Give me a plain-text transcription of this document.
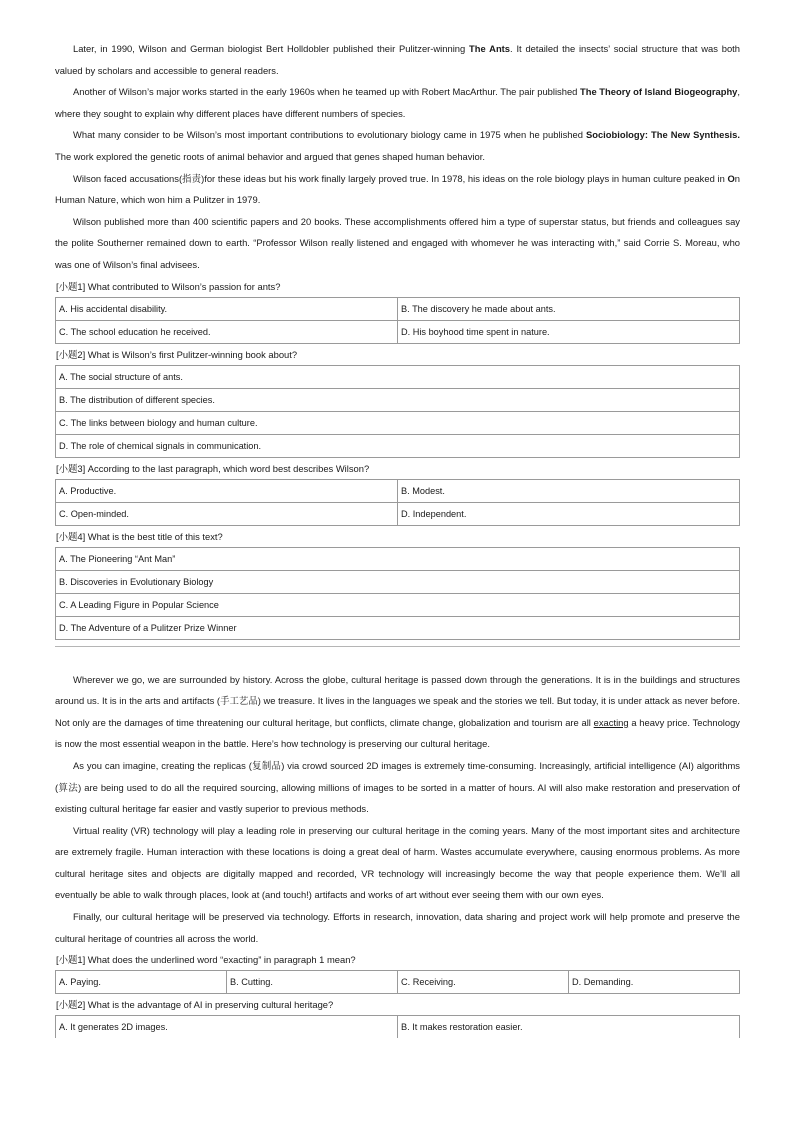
Later, in 1990, Wilson and German biologist Bert Holldobler published their Pulitzer-winning The Ants. It detailed the insects’ social structure that was both valued by scholars and accessible to general readers.

Another of Wilson’s major works started in the early 1960s when he teamed up with Robert MacArthur. The pair published The Theory of Island Biogeography, where they sought to explain why different places have different numbers of species.

What many consider to be Wilson’s most important contributions to evolutionary biology came in 1975 when he published Sociobiology: The New Synthesis. The work explored the genetic roots of animal behavior and argued that genes shaped human behavior.

Wilson faced accusations(指责)for these ideas but his work finally largely proved true. In 1978, his ideas on the role biology plays in human culture peaked in On Human Nature, which won him a Pulitzer in 1979.

Wilson published more than 400 scientific papers and 20 books. These accomplishments offered him a type of superstar status, but friends and colleagues say the polite Southerner remained down to earth. “Professor Wilson really listened and engaged with whomever he was interacting with,” said Corrie S. Moreau, who was one of Wilson’s final advisees.

[小题1] What contributed to Wilson’s passion for ants?
A. His accidental disability.	B. The discovery he made about ants.
C. The school education he received.	D. His boyhood time spent in nature.
[小题2] What is Wilson’s first Pulitzer-winning book about?
A. The social structure of ants.
B. The distribution of different species.
C. The links between biology and human culture.
D. The role of chemical signals in communication.
[小题3] According to the last paragraph, which word best describes Wilson?
A. Productive.	B. Modest.
C. Open-minded.	D. Independent.
[小题4] What is the best title of this text?
A. The Pioneering “Ant Man”
B. Discoveries in Evolutionary Biology
C. A Leading Figure in Popular Science
D. The Adventure of a Pulitzer Prize Winner

Wherever we go, we are surrounded by history. Across the globe, cultural heritage is passed down through the generations. It is in the buildings and structures around us. It is in the arts and artifacts (手工艺品) we treasure. It lives in the languages we speak and the stories we tell. But today, it is under attack as never before. Not only are the damages of time threatening our cultural heritage, but conflicts, climate change, globalization and tourism are all exacting a heavy price. Technology is now the most essential weapon in the battle. Here’s how technology is preserving our cultural heritage.

As you can imagine, creating the replicas (复制品) via crowd sourced 2D images is extremely time-consuming. Increasingly, artificial intelligence (AI) algorithms (算法) are being used to do all the required sourcing, allowing millions of images to be sorted in a matter of hours. AI will also make restoration and preservation of existing cultural heritage far easier and vastly superior to previous methods.

Virtual reality (VR) technology will play a leading role in preserving our cultural heritage in the coming years. Many of the most important sites and architecture are extremely fragile. Human interaction with these locations is doing a great deal of harm. Wastes accumulate everywhere, causing enormous problems. As more cultural heritage sites and objects are digitally mapped and recorded, VR technology will increasingly become the way that people experience them. We’ll all eventually be able to walk through places, look at (and touch!) artifacts and works of art without ever seeing them with our own eyes.

Finally, our cultural heritage will be preserved via technology. Efforts in research, innovation, data sharing and project work will help promote and preserve the cultural heritage of countries all across the world.

[小题1] What does the underlined word “exacting” in paragraph 1 mean?
A. Paying.	B. Cutting.	C. Receiving.	D. Demanding.
[小题2] What is the advantage of AI in preserving cultural heritage?
A. It generates 2D images.	B. It makes restoration easier.
